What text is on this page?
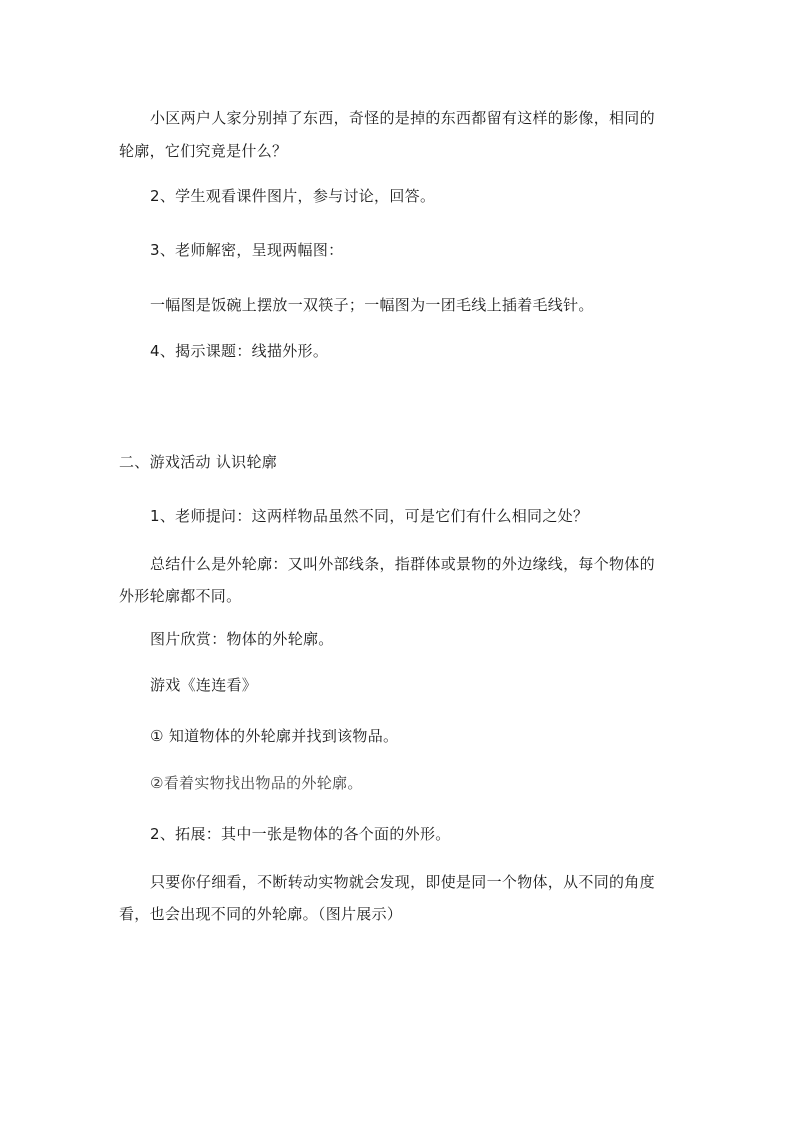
小区两户人家分别掉了东西，奇怪的是掉的东西都留有这样的影像，相同的
轮廓，它们究竟是什么？
2、学生观看课件图片，参与讨论，回答。
3、老师解密，呈现两幅图：
一幅图是饭碗上摆放一双筷子；一幅图为一团毛线上插着毛线针。
4、揭示课题：线描外形。
二、游戏活动 认识轮廓
1、老师提问：这两样物品虽然不同，可是它们有什么相同之处？
总结什么是外轮廓：又叫外部线条，指群体或景物的外边缘线，每个物体的
外形轮廓都不同。
图片欣赏：物体的外轮廓。
游戏《连连看》
① 知道物体的外轮廓并找到该物品。
②看着实物找出物品的外轮廓。
2、拓展：其中一张是物体的各个面的外形。
只要你仔细看，不断转动实物就会发现，即使是同一个物体，从不同的角度
看，也会出现不同的外轮廓。（图片展示）
